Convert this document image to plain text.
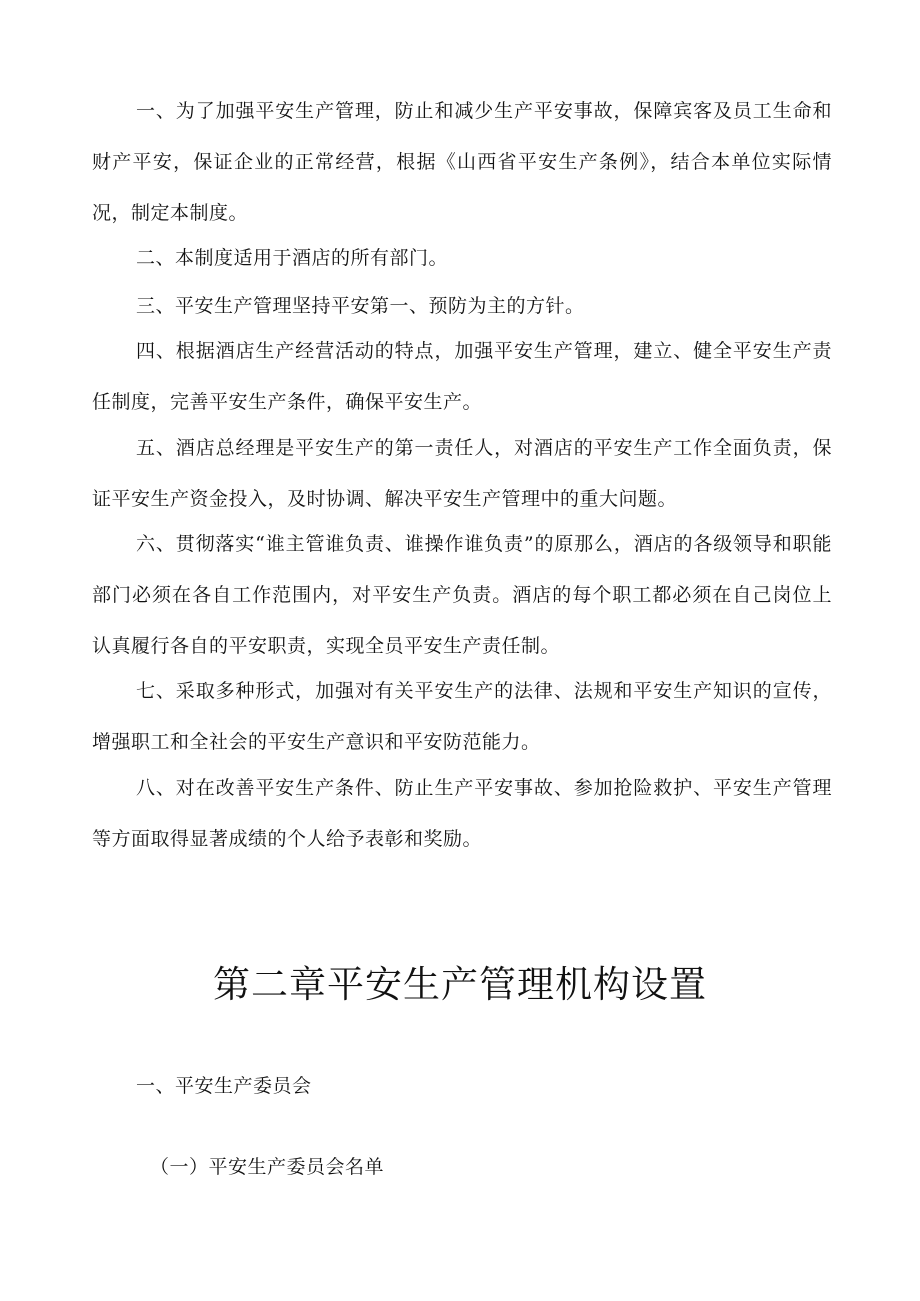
一、为了加强平安生产管理，防止和减少生产平安事故，保障宾客及员工生命和财产平安，保证企业的正常经营，根据《山西省平安生产条例》，结合本单位实际情况，制定本制度。

二、本制度适用于酒店的所有部门。

三、平安生产管理坚持平安第一、预防为主的方针。

四、根据酒店生产经营活动的特点，加强平安生产管理，建立、健全平安生产责任制度，完善平安生产条件，确保平安生产。

五、酒店总经理是平安生产的第一责任人，对酒店的平安生产工作全面负责，保证平安生产资金投入，及时协调、解决平安生产管理中的重大问题。

六、贯彻落实“谁主管谁负责、谁操作谁负责”的原那么，酒店的各级领导和职能部门必须在各自工作范围内，对平安生产负责。酒店的每个职工都必须在自己岗位上认真履行各自的平安职责，实现全员平安生产责任制。

七、采取多种形式，加强对有关平安生产的法律、法规和平安生产知识的宣传，增强职工和全社会的平安生产意识和平安防范能力。

八、对在改善平安生产条件、防止生产平安事故、参加抢险救护、平安生产管理等方面取得显著成绩的个人给予表彰和奖励。

第二章平安生产管理机构设置

一、平安生产委员会

（一）平安生产委员会名单
